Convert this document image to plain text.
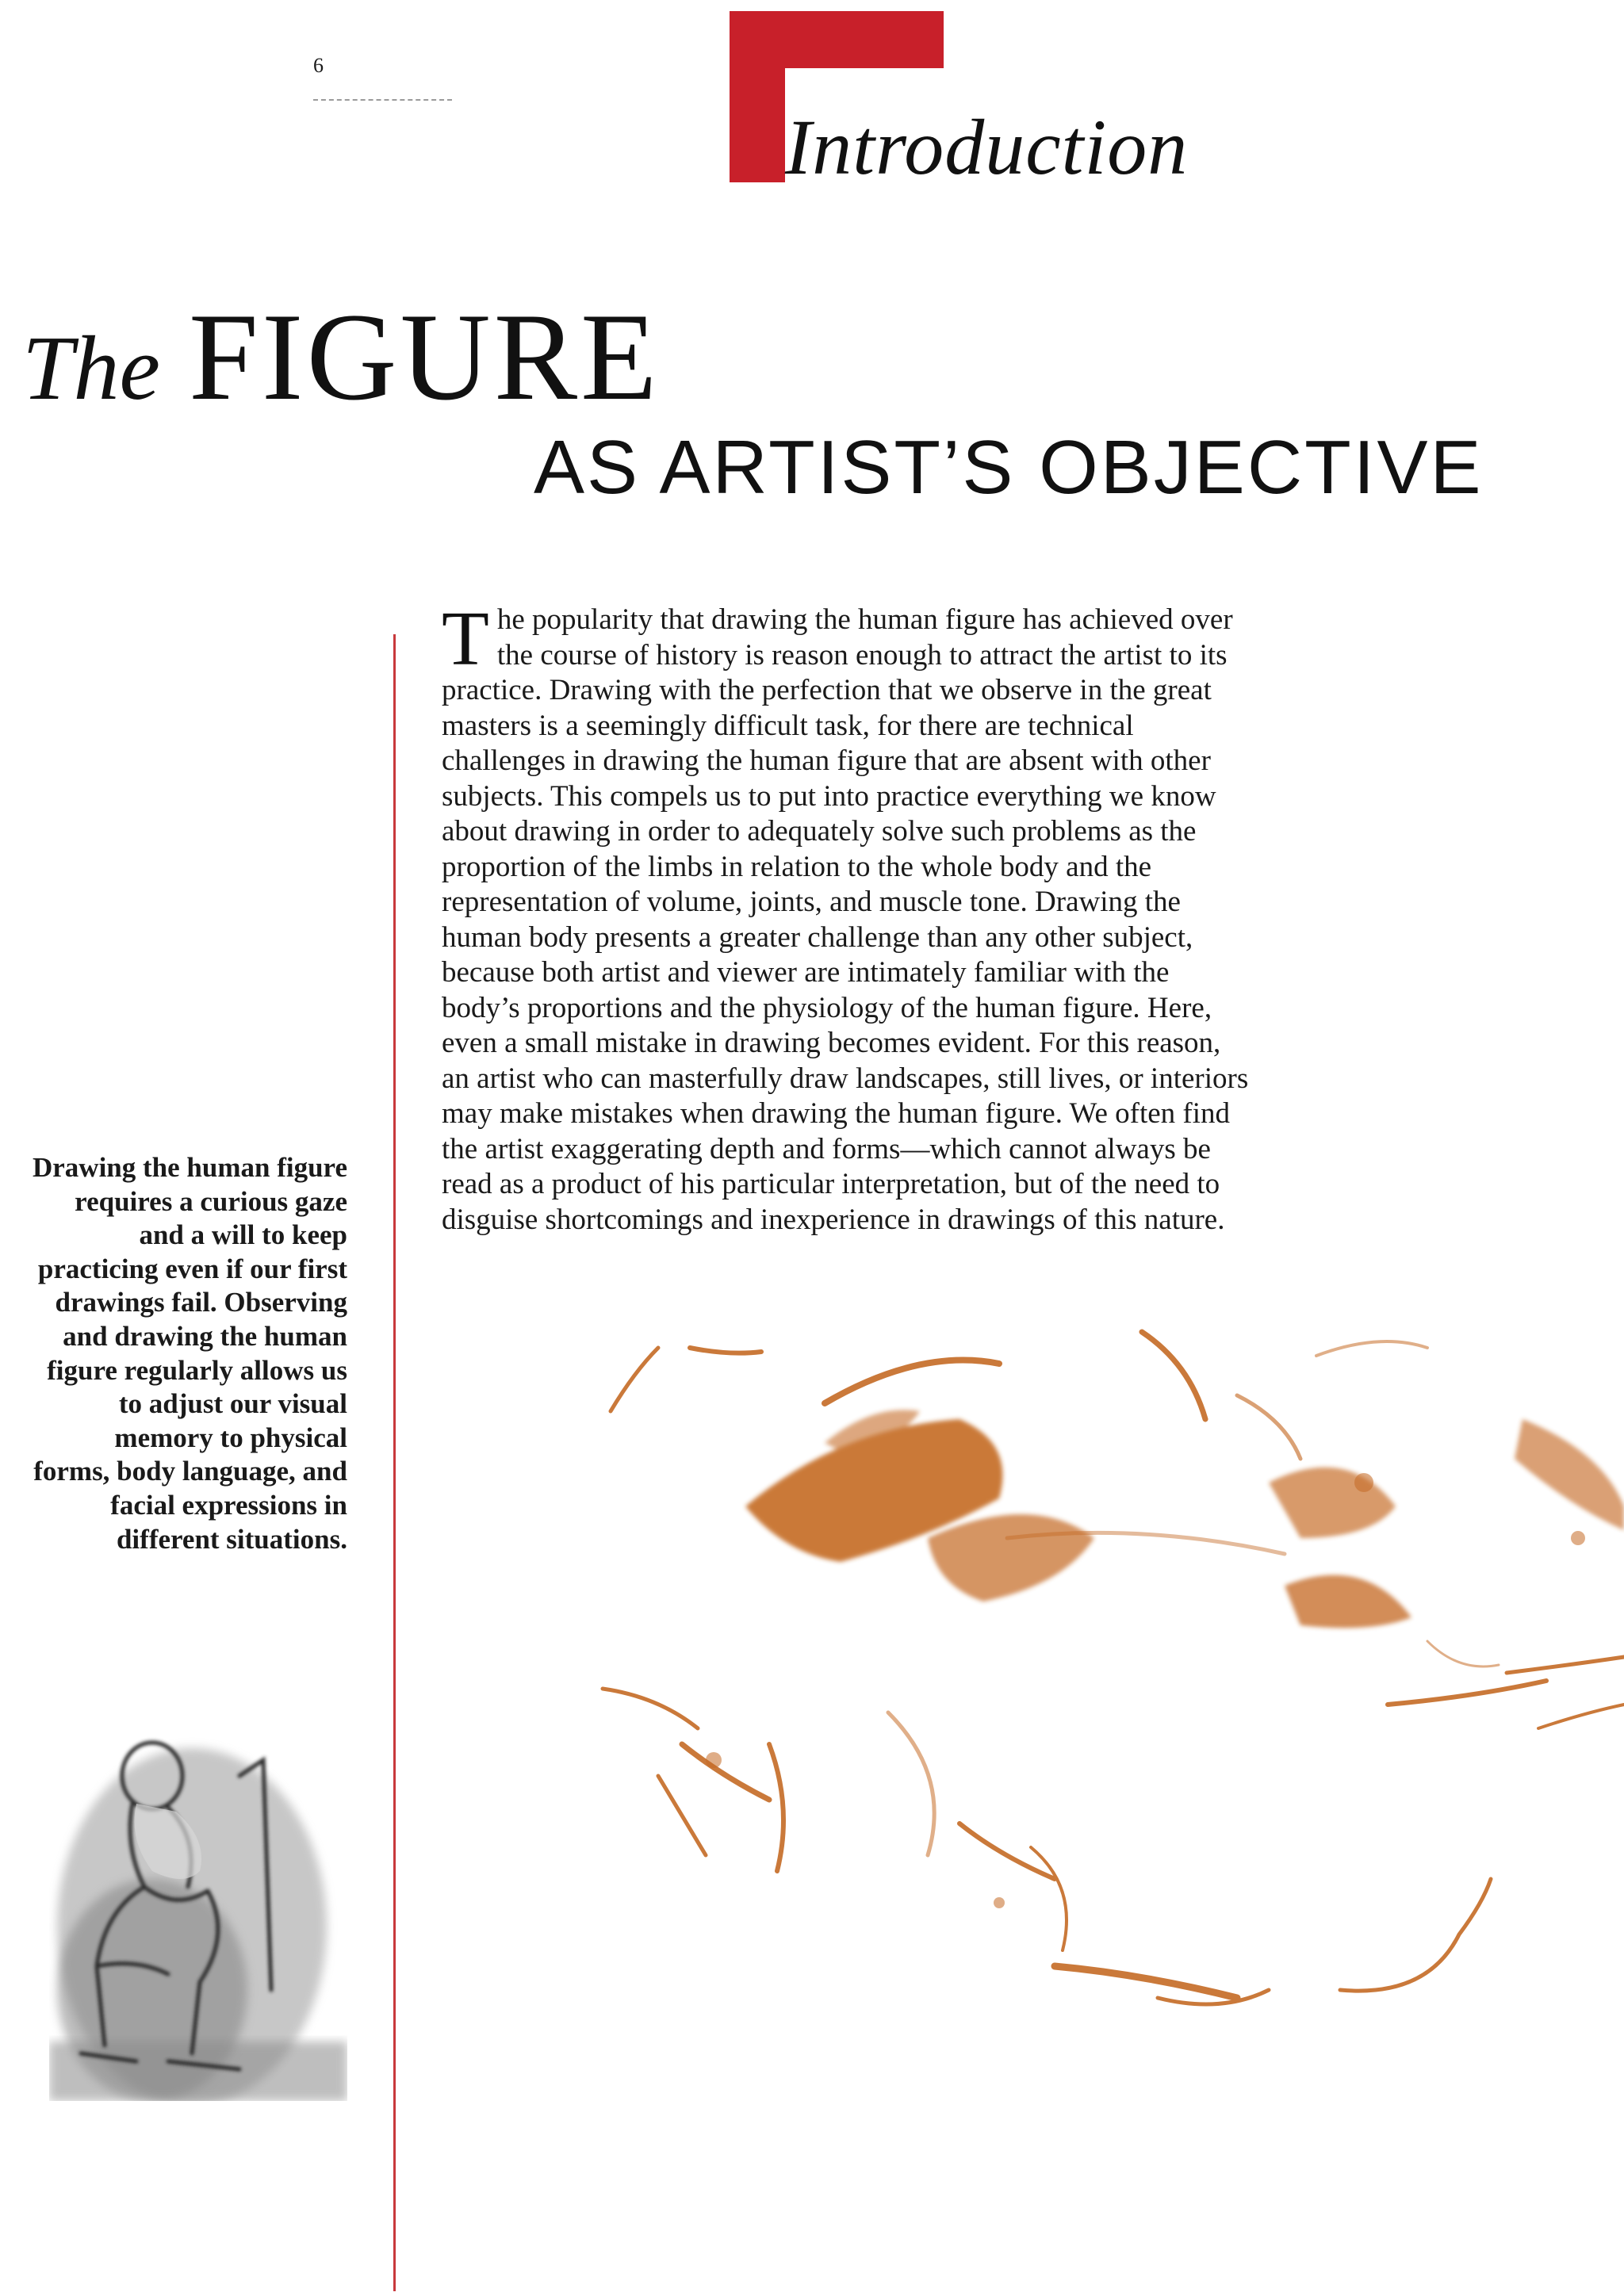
6
Introduction
The FIGURE
AS ARTIST’S OBJECTIVE
The popularity that drawing the human figure has achieved over the course of history is reason enough to attract the artist to its practice. Drawing with the perfection that we observe in the great masters is a seemingly difficult task, for there are technical challenges in drawing the human figure that are absent with other subjects. This compels us to put into practice everything we know about drawing in order to adequately solve such problems as the proportion of the limbs in relation to the whole body and the representation of volume, joints, and muscle tone. Drawing the human body presents a greater challenge than any other subject, because both artist and viewer are intimately familiar with the body’s proportions and the physiology of the human figure. Here, even a small mistake in drawing becomes evident. For this reason, an artist who can masterfully draw landscapes, still lives, or interiors may make mistakes when drawing the human figure. We often find the artist exaggerating depth and forms—which cannot always be read as a product of his particular interpretation, but of the need to disguise shortcomings and inexperience in drawings of this nature.
Drawing the human figure requires a curious gaze and a will to keep practicing even if our first drawings fail. Observing and drawing the human figure regularly allows us to adjust our visual memory to physical forms, body language, and facial expressions in different situations.
